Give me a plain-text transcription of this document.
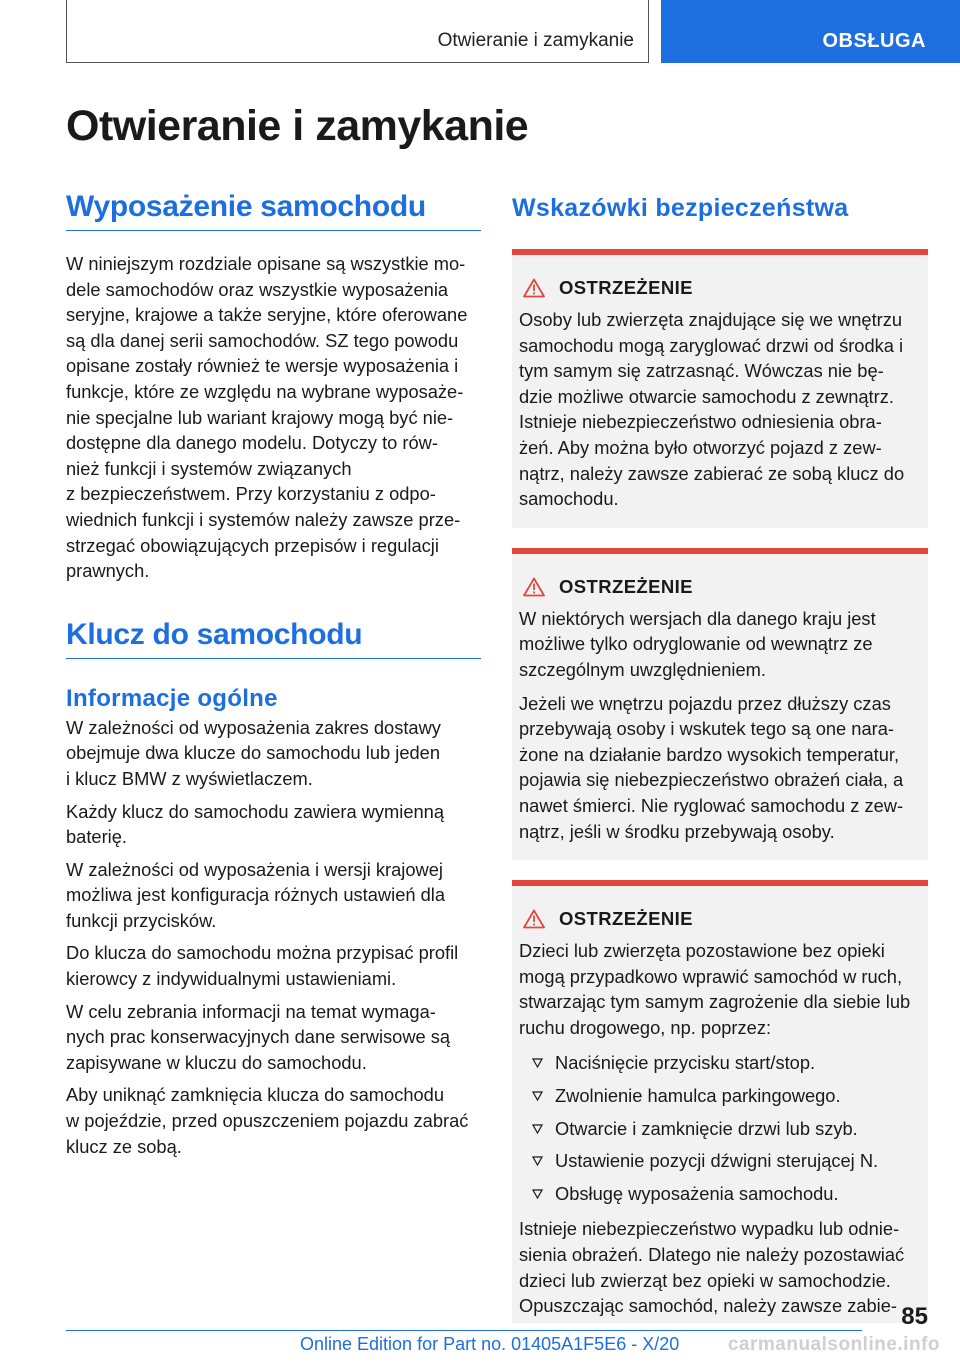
Otwieranie i zamykanie	OBSŁUGA
Otwieranie i zamykanie
Wyposażenie samochodu

W niniejszym rozdziale opisane są wszystkie mo-
dele samochodów oraz wszystkie wyposażenia
seryjne, krajowe a także seryjne, które oferowane
są dla danej serii samochodów. SZ tego powodu
opisane zostały również te wersje wyposażenia i
funkcje, które ze względu na wybrane wyposaże-
nie specjalne lub wariant krajowy mogą być nie-
dostępne dla danego modelu. Dotyczy to rów-
nież funkcji i systemów związanych
z bezpieczeństwem. Przy korzystaniu z odpo-
wiednich funkcji i systemów należy zawsze prze-
strzegać obowiązujących przepisów i regulacji
prawnych.

Klucz do samochodu
Informacje ogólne

W zależności od wyposażenia zakres dostawy
obejmuje dwa klucze do samochodu lub jeden
i klucz BMW z wyświetlaczem.

Każdy klucz do samochodu zawiera wymienną
baterię.

W zależności od wyposażenia i wersji krajowej
możliwa jest konfiguracja różnych ustawień dla
funkcji przycisków.

Do klucza do samochodu można przypisać profil
kierowcy z indywidualnymi ustawieniami.

W celu zebrania informacji na temat wymaga-
nych prac konserwacyjnych dane serwisowe są
zapisywane w kluczu do samochodu.

Aby uniknąć zamknięcia klucza do samochodu
w pojeździe, przed opuszczeniem pojazdu zabrać
klucz ze sobą.

Wskazówki bezpieczeństwa
OSTRZEŻENIE

Osoby lub zwierzęta znajdujące się we wnętrzu
samochodu mogą zaryglować drzwi od środka i
tym samym się zatrzasnąć. Wówczas nie bę-
dzie możliwe otwarcie samochodu z zewnątrz.
Istnieje niebezpieczeństwo odniesienia obra-
żeń. Aby można było otworzyć pojazd z zew-
nątrz, należy zawsze zabierać ze sobą klucz do
samochodu.

OSTRZEŻENIE

W niektórych wersjach dla danego kraju jest
możliwe tylko odryglowanie od wewnątrz ze
szczególnym uwzględnieniem.

Jeżeli we wnętrzu pojazdu przez dłuższy czas
przebywają osoby i wskutek tego są one nara-
żone na działanie bardzo wysokich temperatur,
pojawia się niebezpieczeństwo obrażeń ciała, a
nawet śmierci. Nie ryglować samochodu z zew-
nątrz, jeśli w środku przebywają osoby.

OSTRZEŻENIE

Dzieci lub zwierzęta pozostawione bez opieki
mogą przypadkowo wprawić samochód w ruch,
stwarzając tym samym zagrożenie dla siebie lub
ruchu drogowego, np. poprzez:

Naciśnięcie przycisku start/stop.
Zwolnienie hamulca parkingowego.
Otwarcie i zamknięcie drzwi lub szyb.
Ustawienie pozycji dźwigni sterującej N.
Obsługę wyposażenia samochodu.

Istnieje niebezpieczeństwo wypadku lub odnie-
sienia obrażeń. Dlatego nie należy pozostawiać
dzieci lub zwierząt bez opieki w samochodzie.
Opuszczając samochód, należy zawsze zabie- 85
Online Edition for Part no. 01405A1F5E6 - X/20	carmanualsonline.info
